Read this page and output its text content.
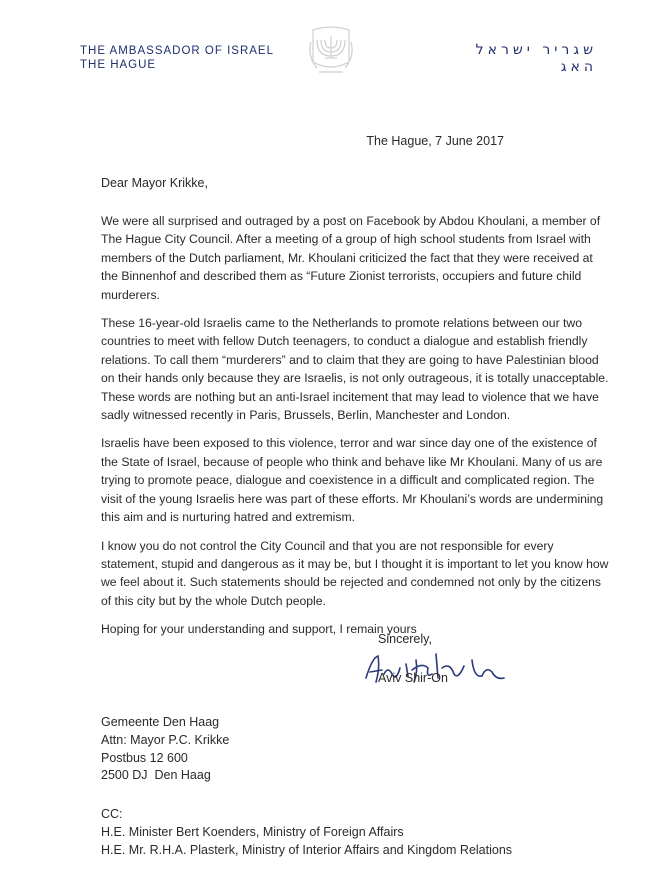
THE AMBASSADOR OF ISRAEL
THE HAGUE
שגריר ישראל
האג
The Hague, 7 June 2017
Dear Mayor Krikke,

We were all surprised and outraged by a post on Facebook by Abdou Khoulani, a member of The Hague City Council. After a meeting of a group of high school students from Israel with members of the Dutch parliament, Mr. Khoulani criticized the fact that they were received at the Binnenhof and described them as “Future Zionist terrorists, occupiers and future child murderers.

These 16-year-old Israelis came to the Netherlands to promote relations between our two countries to meet with fellow Dutch teenagers, to conduct a dialogue and establish friendly relations. To call them “murderers” and to claim that they are going to have Palestinian blood on their hands only because they are Israelis, is not only outrageous, it is totally unacceptable. These words are nothing but an anti-Israel incitement that may lead to violence that we have sadly witnessed recently in Paris, Brussels, Berlin, Manchester and London.

Israelis have been exposed to this violence, terror and war since day one of the existence of the State of Israel, because of people who think and behave like Mr Khoulani. Many of us are trying to promote peace, dialogue and coexistence in a difficult and complicated region. The visit of the young Israelis here was part of these efforts. Mr Khoulani’s words are undermining this aim and is nurturing hatred and extremism.

I know you do not control the City Council and that you are not responsible for every statement, stupid and dangerous as it may be, but I thought it is important to let you know how we feel about it. Such statements should be rejected and condemned not only by the citizens of this city but by the whole Dutch people.

Hoping for your understanding and support, I remain yours

Sincerely,
Aviv Shir-On
Gemeente Den Haag
Attn: Mayor P.C. Krikke
Postbus 12 600
2500 DJ  Den Haag
CC:
H.E. Minister Bert Koenders, Ministry of Foreign Affairs
H.E. Mr. R.H.A. Plasterk, Ministry of Interior Affairs and Kingdom Relations
